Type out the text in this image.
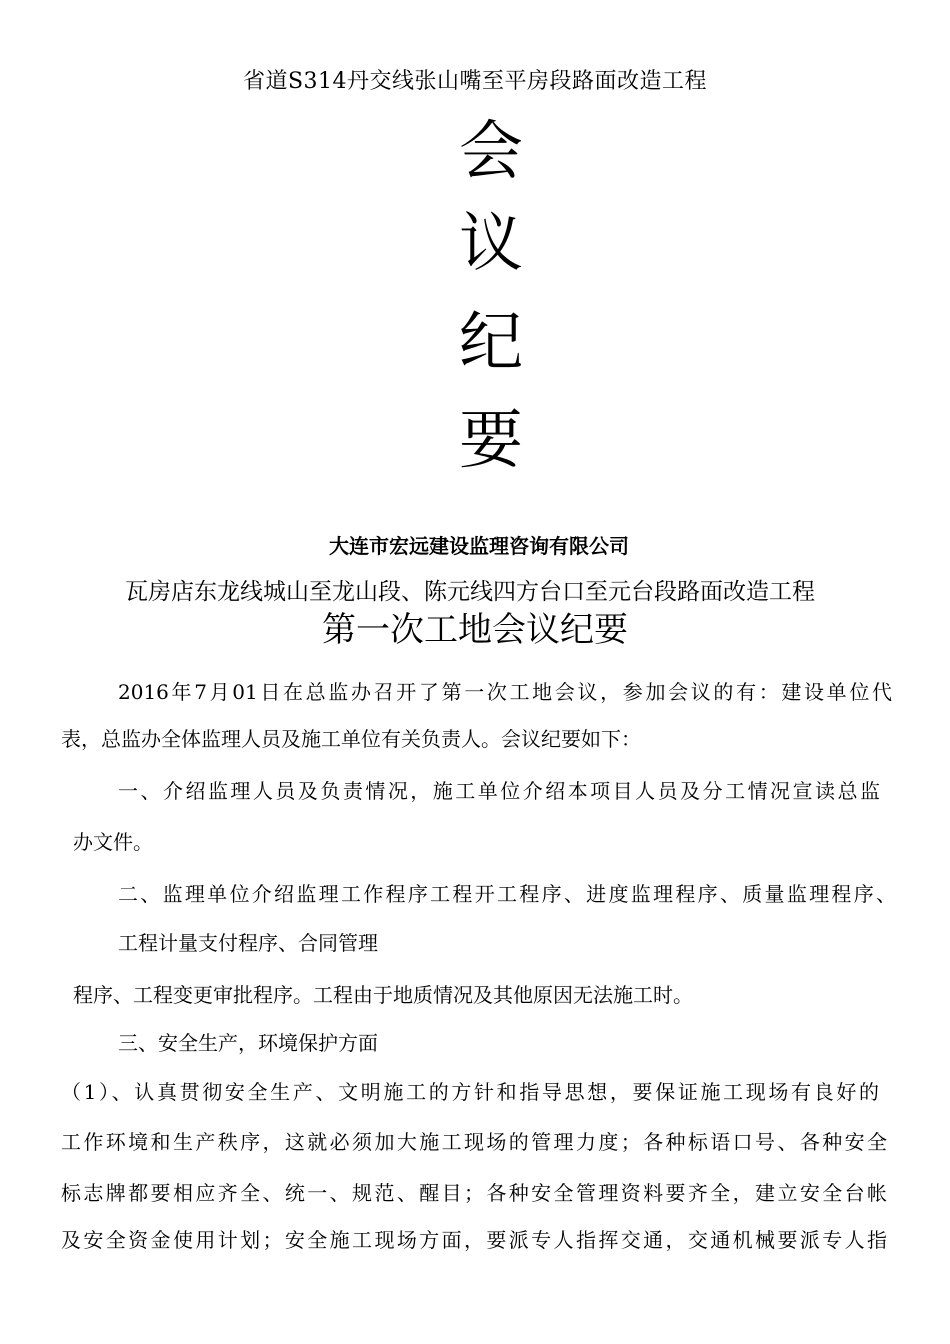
省道S314丹交线张山嘴至平房段路面改造工程
会
议
纪
要
大连市宏远建设监理咨询有限公司
瓦房店东龙线城山至龙山段、陈元线四方台口至元台段路面改造工程
第一次工地会议纪要
2016年7月01日在总监办召开了第一次工地会议，参加会议的有：建设单位代
表，总监办全体监理人员及施工单位有关负责人。会议纪要如下：
一、介绍监理人员及负责情况，施工单位介绍本项目人员及分工情况宣读总监
办文件。
二、监理单位介绍监理工作程序工程开工程序、进度监理程序、质量监理程序、
工程计量支付程序、合同管理
程序、工程变更审批程序。工程由于地质情况及其他原因无法施工时。
三、安全生产，环境保护方面
（1）、认真贯彻安全生产、文明施工的方针和指导思想，要保证施工现场有良好的
工作环境和生产秩序，这就必须加大施工现场的管理力度；各种标语口号、各种安全
标志牌都要相应齐全、统一、规范、醒目；各种安全管理资料要齐全，建立安全台帐
及安全资金使用计划；安全施工现场方面，要派专人指挥交通，交通机械要派专人指
